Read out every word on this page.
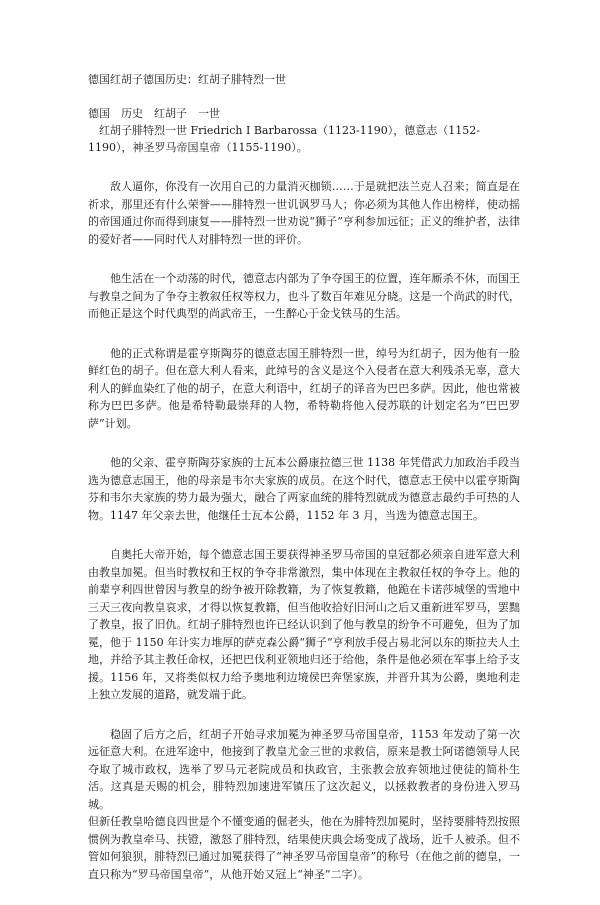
德国红胡子德国历史：红胡子腓特烈一世

德国　历史　红胡子　一世

　红胡子腓特烈一世 Friedrich I Barbarossa（1123-1190），德意志（1152-1190），神圣罗马帝国皇帝（1155-1190）。

敌人逼你，你没有一次用自己的力量消灭枷锁……于是就把法兰克人召来；简直是在祈求，那里还有什么荣誉——腓特烈一世讥讽罗马人；你必须为其他人作出榜样，使动摇的帝国通过你而得到康复——腓特烈一世劝说“狮子”亨利参加远征；正义的维护者，法律的爱好者——同时代人对腓特烈一世的评价。

他生活在一个动荡的时代，德意志内部为了争夺国王的位置，连年厮杀不休，而国王与教皇之间为了争夺主教叙任权等权力，也斗了数百年难见分晓。这是一个尚武的时代，而他正是这个时代典型的尚武帝王，一生醉心于金戈铁马的生活。

他的正式称谓是霍亨斯陶芬的德意志国王腓特烈一世，绰号为红胡子，因为他有一脸鲜红色的胡子。但在意大利人看来，此绰号的含义是这个入侵者在意大利残杀无辜，意大利人的鲜血染红了他的胡子，在意大利语中，红胡子的译音为巴巴多萨。因此，他也常被称为巴巴多萨。他是希特勒最崇拜的人物，希特勒将他入侵苏联的计划定名为“巴巴罗萨”计划。

他的父亲、霍亨斯陶芬家族的士瓦本公爵康拉德三世 1138 年凭借武力加政治手段当选为德意志国王，他的母亲是韦尔夫家族的成员。在这个时代，德意志王侯中以霍亨斯陶芬和韦尔夫家族的势力最为强大，融合了两家血统的腓特烈就成为德意志最约手可热的人物。1147 年父亲去世，他继任士瓦本公爵，1152 年 3 月，当选为德意志国王。

自奥托大帝开始，每个德意志国王要获得神圣罗马帝国的皇冠都必须亲自进军意大利由教皇加冕。但当时教权和王权的争夺非常激烈，集中体现在主教叙任权的争夺上。他的前辈亨利四世曾因与教皇的纷争被开除教籍，为了恢复教籍，他跪在卡诺莎城堡的雪地中三天三夜向教皇哀求，才得以恢复教籍，但当他收拾好旧河山之后又重新进军罗马，罢黜了教皇，报了旧仇。红胡子腓特烈也许已经认识到了他与教皇的纷争不可避免，但为了加冕，他于 1150 年计实力堆厚的萨克森公爵“狮子”亨利放手侵占易北河以东的斯拉夫人土地，并给予其主教任命权，还把巴伐利亚领地归还于给他，条件是他必须在军事上给予支援。1156 年，又将类似权力给予奥地利边境侯巴奔堡家族，并晋升其为公爵，奥地利走上独立发展的道路，就发端于此。

稳固了后方之后，红胡子开始寻求加冕为神圣罗马帝国皇帝，1153 年发动了第一次远征意大利。在进军途中，他接到了教皇尤金三世的求救信，原来是教士阿诺德领导人民夺取了城市政权，选举了罗马元老院成员和执政官，主张教会放弃领地过使徒的简朴生活。这真是天赐的机会，腓特烈加速进军镇压了这次起义，以拯救教者的身份进入罗马城。

但新任教皇哈德良四世是个不懂变通的倔老头，他在为腓特烈加冕时，坚持要腓特烈按照惯例为教皇牵马、扶镫，激怒了腓特烈，结果使庆典会场变成了战场，近千人被杀。但不管如何狼狈，腓特烈已通过加冕获得了“神圣罗马帝国皇帝”的称号（在他之前的德皇，一直只称为“罗马帝国皇帝”，从他开始又冠上“神圣”二字）。
